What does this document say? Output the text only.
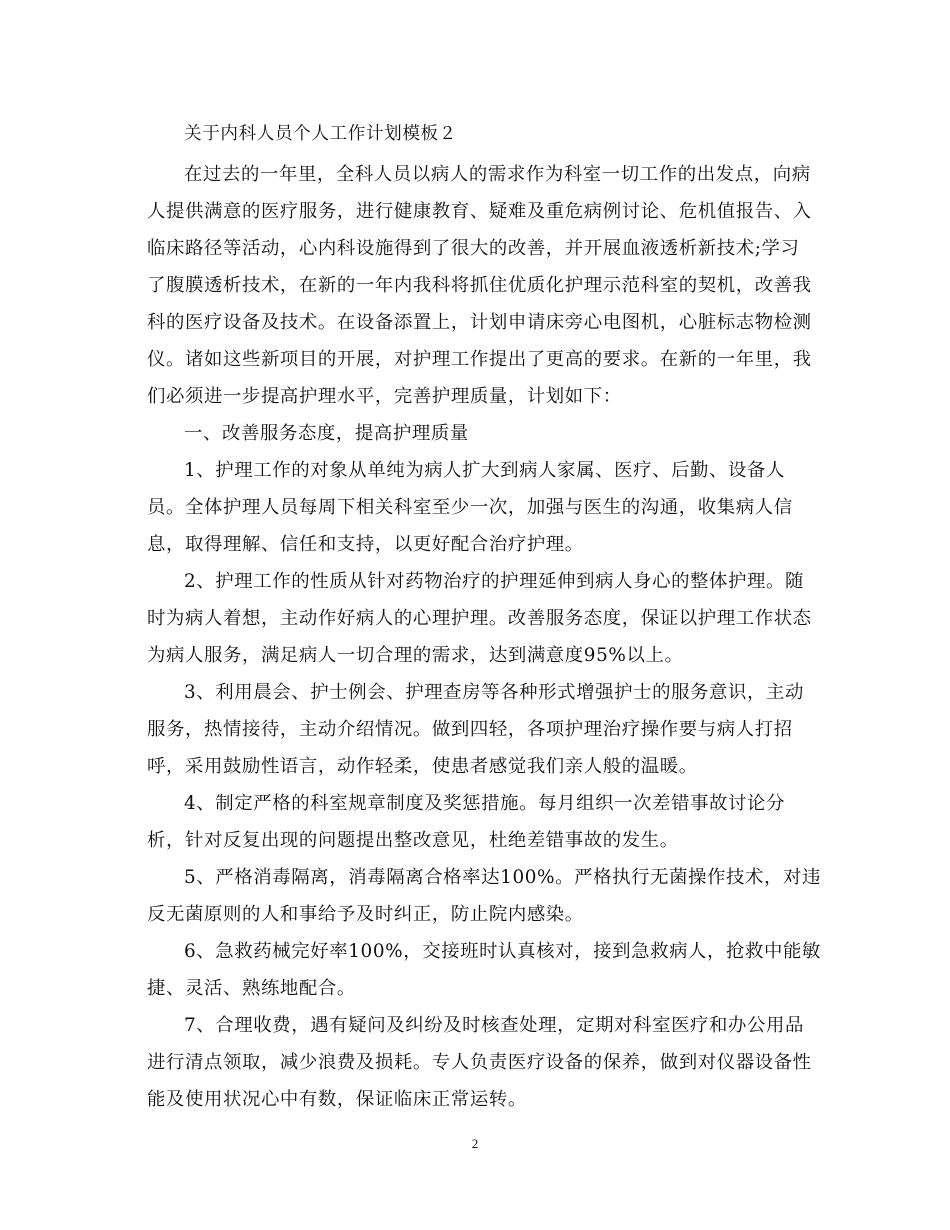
关于内科人员个人工作计划模板２
在过去的一年里，全科人员以病人的需求作为科室一切工作的出发点，向病
人提供满意的医疗服务，进行健康教育、疑难及重危病例讨论、危机值报告、入
临床路径等活动，心内科设施得到了很大的改善，并开展血液透析新技术;学习
了腹膜透析技术，在新的一年内我科将抓住优质化护理示范科室的契机，改善我
科的医疗设备及技术。在设备添置上，计划申请床旁心电图机，心脏标志物检测
仪。诸如这些新项目的开展，对护理工作提出了更高的要求。在新的一年里，我
们必须进一步提高护理水平，完善护理质量，计划如下：
一、改善服务态度，提高护理质量
1、护理工作的对象从单纯为病人扩大到病人家属、医疗、后勤、设备人
员。全体护理人员每周下相关科室至少一次，加强与医生的沟通，收集病人信
息，取得理解、信任和支持，以更好配合治疗护理。
2、护理工作的性质从针对药物治疗的护理延伸到病人身心的整体护理。随
时为病人着想，主动作好病人的心理护理。改善服务态度，保证以护理工作状态
为病人服务，满足病人一切合理的需求，达到满意度95%以上。
3、利用晨会、护士例会、护理查房等各种形式增强护士的服务意识，主动
服务，热情接待，主动介绍情况。做到四轻，各项护理治疗操作要与病人打招
呼，采用鼓励性语言，动作轻柔，使患者感觉我们亲人般的温暖。
4、制定严格的科室规章制度及奖惩措施。每月组织一次差错事故讨论分
析，针对反复出现的问题提出整改意见，杜绝差错事故的发生。
5、严格消毒隔离，消毒隔离合格率达100%。严格执行无菌操作技术，对违
反无菌原则的人和事给予及时纠正，防止院内感染。
6、急救药械完好率100%，交接班时认真核对，接到急救病人，抢救中能敏
捷、灵活、熟练地配合。
7、合理收费，遇有疑问及纠纷及时核查处理，定期对科室医疗和办公用品
进行清点领取，减少浪费及损耗。专人负责医疗设备的保养，做到对仪器设备性
能及使用状况心中有数，保证临床正常运转。
2
